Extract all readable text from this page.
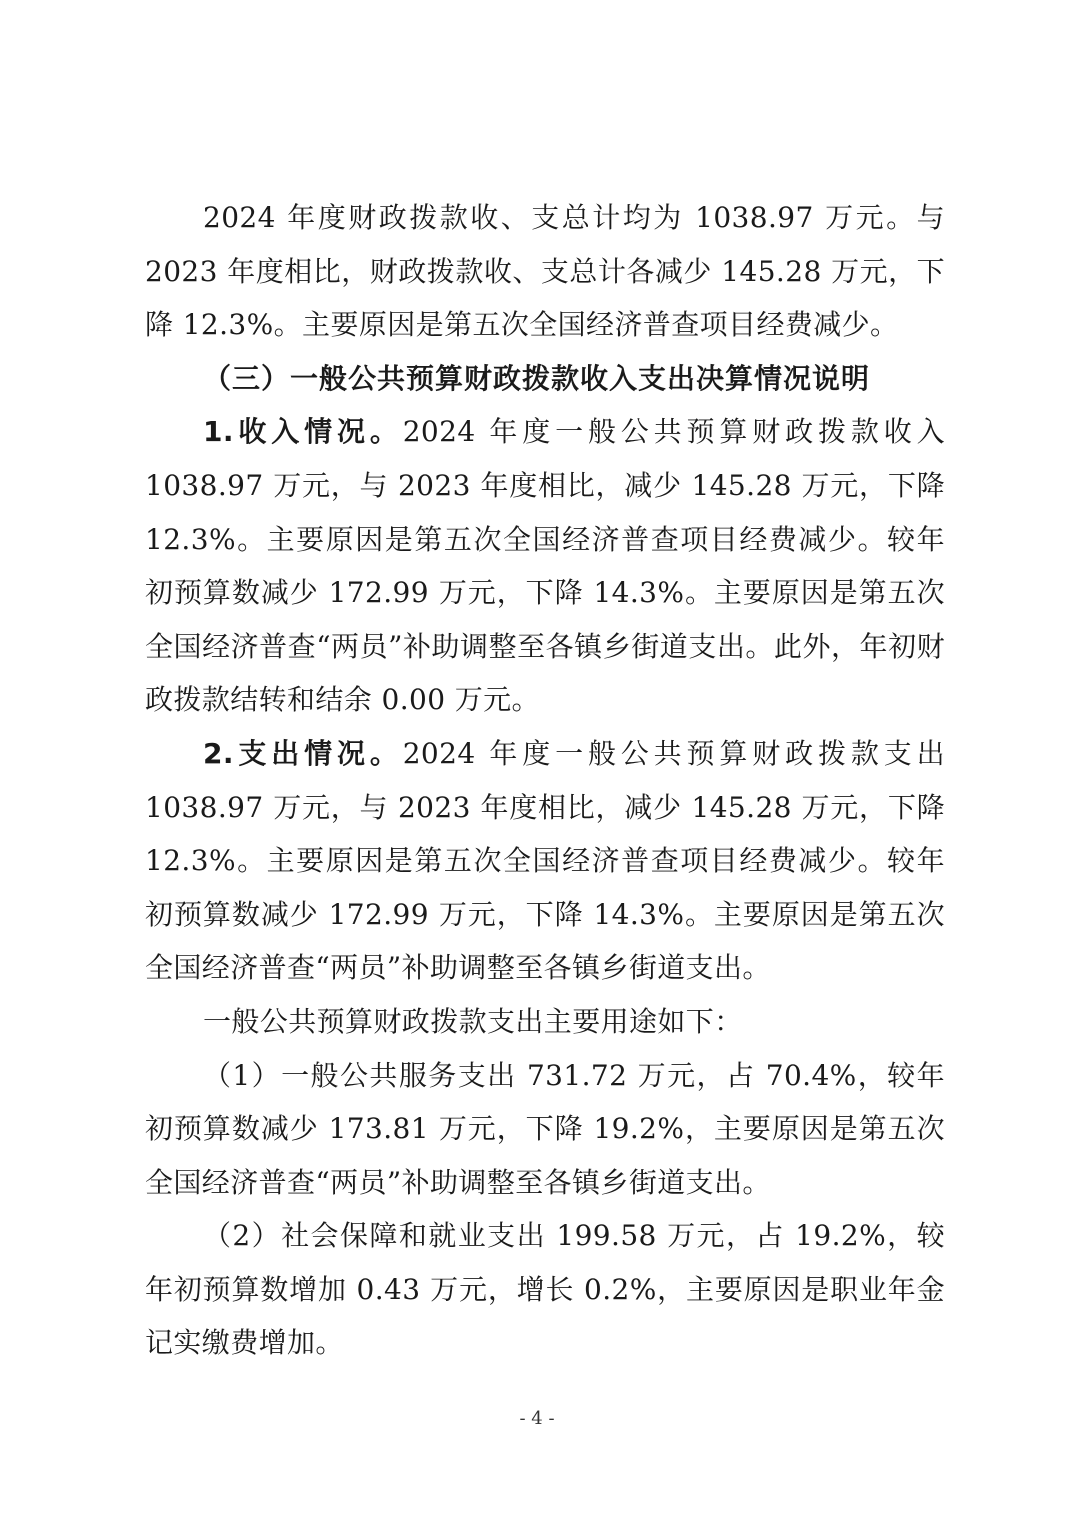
2024 年度财政拨款收、支总计均为 1038.97 万元。与 2023 年度相比，财政拨款收、支总计各减少 145.28 万元，下降 12.3%。主要原因是第五次全国经济普查项目经费减少。

（三）一般公共预算财政拨款收入支出决算情况说明

1.收入情况。2024 年度一般公共预算财政拨款收入 1038.97 万元，与 2023 年度相比，减少 145.28 万元，下降 12.3%。主要原因是第五次全国经济普查项目经费减少。较年初预算数减少 172.99 万元，下降 14.3%。主要原因是第五次全国经济普查“两员”补助调整至各镇乡街道支出。此外，年初财政拨款结转和结余 0.00 万元。

2.支出情况。2024 年度一般公共预算财政拨款支出 1038.97 万元，与 2023 年度相比，减少 145.28 万元，下降 12.3%。主要原因是第五次全国经济普查项目经费减少。较年初预算数减少 172.99 万元，下降 14.3%。主要原因是第五次全国经济普查“两员”补助调整至各镇乡街道支出。

一般公共预算财政拨款支出主要用途如下：

（1）一般公共服务支出 731.72 万元，占 70.4%，较年初预算数减少 173.81 万元，下降 19.2%，主要原因是第五次全国经济普查“两员”补助调整至各镇乡街道支出。

（2）社会保障和就业支出 199.58 万元，占 19.2%，较年初预算数增加 0.43 万元，增长 0.2%，主要原因是职业年金记实缴费增加。

- 4 -
